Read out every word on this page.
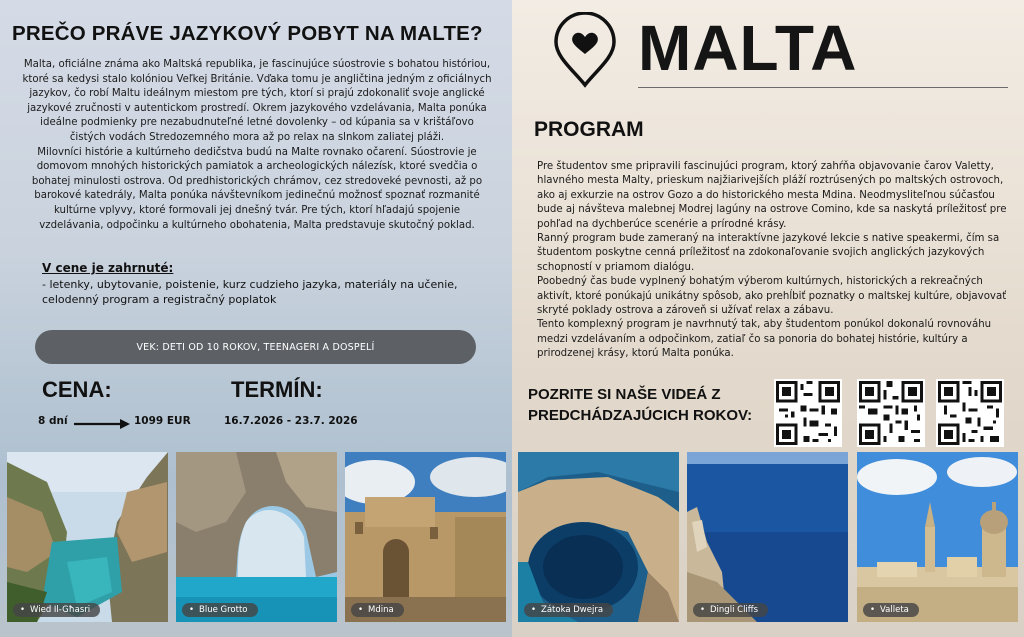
PREČO PRÁVE JAZYKOVÝ POBYT NA MALTE?

Malta, oficiálne známa ako Maltská republika, je fascinujúce súostrovie s bohatou históriou, ktoré sa kedysi stalo kolóniou Veľkej Británie. Vďaka tomu je angličtina jedným z oficiálnych jazykov, čo robí Maltu ideálnym miestom pre tých, ktorí si prajú zdokonaliť svoje anglické jazykové zručnosti v autentickom prostredí. Okrem jazykového vzdelávania, Malta ponúka ideálne podmienky pre nezabudnuteľné letné dovolenky – od kúpania sa v krištáľovo čistých vodách Stredozemného mora až po relax na slnkom zaliatej pláži.

Milovníci histórie a kultúrneho dedičstva budú na Malte rovnako očarení. Súostrovie je domovom mnohých historických pamiatok a archeologických nálezísk, ktoré svedčia o bohatej minulosti ostrova. Od predhistorických chrámov, cez stredoveké pevnosti, až po barokové katedrály, Malta ponúka návštevníkom jedinečnú možnosť spoznať rozmanité kultúrne vplyvy, ktoré formovali jej dnešný tvár. Pre tých, ktorí hľadajú spojenie vzdelávania, odpočinku a kultúrneho obohatenia, Malta predstavuje skutočný poklad.

V cene je zahrnuté:
- letenky, ubytovanie, poistenie, kurz cudzieho jazyka, materiály na učenie, celodenný program a registračný poplatok
VEK: DETI OD 10 ROKOV, TEENAGERI A DOSPELÍ
CENA:	TERMÍN:
8 dní	1099 EUR	16.7.2026 - 23.7. 2026
MALTA
PROGRAM

Pre študentov sme pripravili fascinujúci program, ktorý zahŕňa objavovanie čarov Valetty, hlavného mesta Malty, prieskum najžiarivejších pláží roztrúsených po maltských ostrovoch, ako aj exkurzie na ostrov Gozo a do historického mesta Mdina. Neodmysliteľnou súčasťou bude aj návšteva malebnej Modrej lagúny na ostrove Comino, kde sa naskytá príležitosť pre pohľad na dychberúce scenérie a prírodné krásy.

Ranný program bude zameraný na interaktívne jazykové lekcie s native speakermi, čím sa študentom poskytne cenná príležitosť na zdokonaľovanie svojich anglických jazykových schopností v priamom dialógu.

Poobedný čas bude vyplnený bohatým výberom kultúrnych, historických a rekreačných aktivít, ktoré ponúkajú unikátny spôsob, ako prehĺbiť poznatky o maltskej kultúre, objavovať skryté poklady ostrova a zároveň si užívať relax a zábavu.

Tento komplexný program je navrhnutý tak, aby študentom ponúkol dokonalú rovnováhu medzi vzdelávaním a odpočinkom, zatiaľ čo sa ponoria do bohatej histórie, kultúry a prirodzenej krásy, ktorú Malta ponúka.

POZRITE SI NAŠE VIDEÁ Z
PREDCHÁDZAJÚCICH ROKOV:
• Wied Il-Għasri	• Blue Grotto	• Mdina	• Zátoka Dwejra	• Dingli Cliffs	• Valleta
